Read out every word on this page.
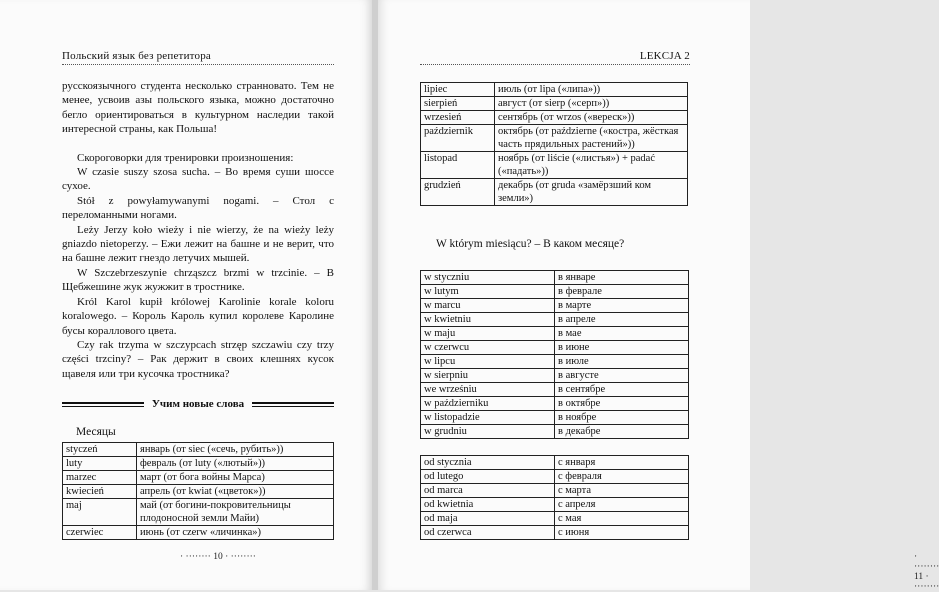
Польский язык без репетитора

русскоязычного студента несколько странновато. Тем не менее, усвоив азы польского языка, можно достаточно бегло ориентироваться в культурном наследии такой интересной страны, как Польша!

Скороговорки для тренировки произношения:

W czasie suszy szosa sucha. – Во время суши шоссе сухое.

Stół z powyłamywanymi nogami. – Стол с переломанными ногами.

Leży Jerzy koło wieży i nie wierzy, że na wieży leży gniazdo nietoperzy. – Ежи лежит на башне и не верит, что на башне лежит гнездо летучих мышей.

W Szczebrzeszynie chrząszcz brzmi w trzcinie. – В Щебжешине жук жужжит в тростнике.

Król Karol kupił królowej Karolinie korale koloru koralowego. – Король Кароль купил королеве Каролине бусы кораллового цвета.

Czy rak trzyma w szczypcach strzęp szczawiu czy trzy części trzciny? – Рак держит в своих клешнях кусок щавеля или три кусочка тростника?

Учим новые слова
Месяцы
styczeń	январь (от siec («сечь, рубить»))
luty	февраль (от luty («лютый»))
marzec	март (от бога войны Марса)
kwiecień	апрель (от kwiat («цветок»))
maj	май (от богини-покровительницы плодоносной земли Майи)
czerwiec	июнь (от czerw «личинка»)
· ········ 10 · ········
LEKCJA 2
· ········ 11 · ········
lipiec	июль (от lipa («липа»))
sierpień	август (от sierp («серп»))
wrzesień	сентябрь (от wrzos («вереск»))
październik	октябрь (от październe («костра, жёсткая часть прядильных растений»))
listopad	ноябрь (от liście («листья») + padać («падать»))
grudzień	декабрь (от gruda «замёрзший ком земли»)
W którym miesiącu? – В каком месяце?
w styczniu	в январе
w lutym	в феврале
w marcu	в марте
w kwietniu	в апреле
w maju	в мае
w czerwcu	в июне
w lipcu	в июле
w sierpniu	в августе
we wrześniu	в сентябре
w październiku	в октябре
w listopadzie	в ноябре
w grudniu	в декабре
od stycznia	с января
od lutego	с февраля
od marca	с марта
od kwietnia	с апреля
od maja	с мая
od czerwca	с июня
